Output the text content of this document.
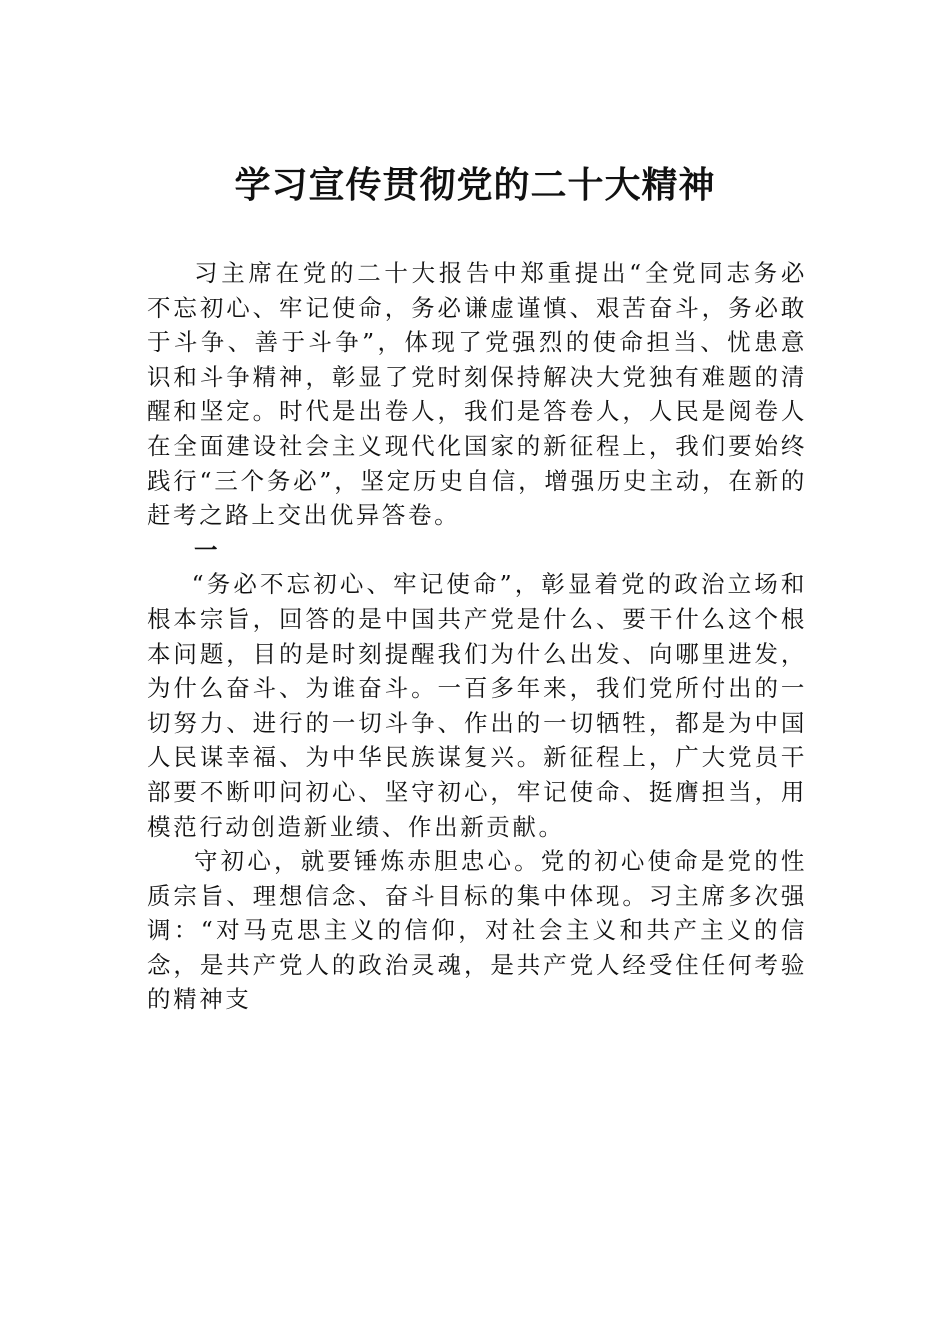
学习宣传贯彻党的二十大精神

习主席在党的二十大报告中郑重提出“全党同志务必不忘初心、牢记使命，务必谦虚谨慎、艰苦奋斗，务必敢于斗争、善于斗争”，体现了党强烈的使命担当、忧患意识和斗争精神，彰显了党时刻保持解决大党独有难题的清醒和坚定。时代是出卷人，我们是答卷人，人民是阅卷人在全面建设社会主义现代化国家的新征程上，我们要始终践行“三个务必”，坚定历史自信，增强历史主动，在新的赶考之路上交出优异答卷。

一

“务必不忘初心、牢记使命”，彰显着党的政治立场和根本宗旨，回答的是中国共产党是什么、要干什么这个根本问题，目的是时刻提醒我们为什么出发、向哪里进发，为什么奋斗、为谁奋斗。一百多年来，我们党所付出的一切努力、进行的一切斗争、作出的一切牺牲，都是为中国人民谋幸福、为中华民族谋复兴。新征程上，广大党员干部要不断叩问初心、坚守初心，牢记使命、挺膺担当，用模范行动创造新业绩、作出新贡献。

守初心，就要锤炼赤胆忠心。党的初心使命是党的性质宗旨、理想信念、奋斗目标的集中体现。习主席多次强调：“对马克思主义的信仰，对社会主义和共产主义的信念，是共产党人的政治灵魂，是共产党人经受住任何考验的精神支
